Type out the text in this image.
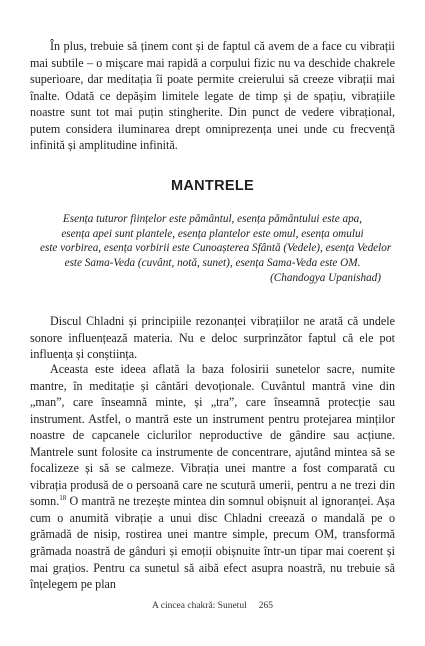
În plus, trebuie să ținem cont și de faptul că avem de a face cu vibrații mai subtile – o mișcare mai rapidă a corpului fizic nu va deschide chakrele superioare, dar meditația îi poate permite creierului să creeze vibrații mai înalte. Odată ce depășim limitele legate de timp și de spațiu, vibrațiile noastre sunt tot mai puțin stingherite. Din punct de vedere vibrațional, putem considera iluminarea drept omniprezența unei unde cu frecvență infinită și amplitudine infinită.

MANTRELE
Esența tuturor ființelor este pământul, esența pământului este apa,
esența apei sunt plantele, esența plantelor este omul, esența omului
este vorbirea, esența vorbirii este Cunoașterea Sfântă (Vedele), esența Vedelor
este Sama-Veda (cuvânt, notă, sunet), esența Sama-Veda este OM.
(Chandogya Upanishad)

Discul Chladni și principiile rezonanței vibrațiilor ne arată că undele sonore influențează materia. Nu e deloc surprinzător faptul că ele pot influența și conștiința.

Aceasta este ideea aflată la baza folosirii sunetelor sacre, numite mantre, în meditație și cântări devoționale. Cuvântul mantră vine din „man”, care înseamnă minte, și „tra”, care înseamnă protecție sau instrument. Astfel, o mantră este un instrument pentru protejarea minților noastre de capcanele ciclurilor neproductive de gândire sau acțiune. Mantrele sunt folosite ca instrumente de concentrare, ajutând mintea să se focalizeze și să se calmeze. Vibrația unei mantre a fost comparată cu vibrația produsă de o persoană care ne scutură umerii, pentru a ne trezi din somn.$^{18}$ O mantră ne trezește mintea din somnul obișnuit al ignoranței. Așa cum o anumită vibrație a unui disc Chladni creează o mandală pe o grămadă de nisip, rostirea unei mantre simple, precum OM, transformă grămada noastră de gânduri și emoții obișnuite într-un tipar mai coerent și mai grațios. Pentru ca sunetul să aibă efect asupra noastră, nu trebuie să înțelegem pe plan

A cincea chakră: Sunetul 265
